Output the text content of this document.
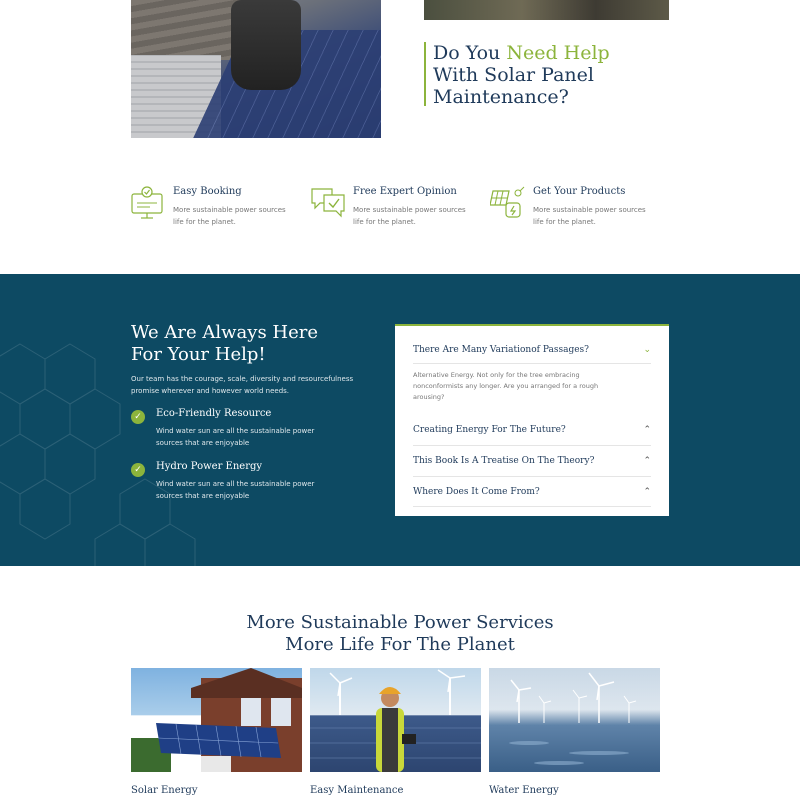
Do You Need Help
With Solar Panel
Maintenance?
Easy Booking
More sustainable power sources life for the planet.
Free Expert Opinion
More sustainable power sources life for the planet.
Get Your Products
More sustainable power sources life for the planet.
We Are Always Here
For Your Help!
Our team has the courage, scale, diversity and resourcefulness promise wherever and however world needs.
✓	Eco-Friendly Resource
Wind water sun are all the sustainable power sources that are enjoyable
✓	Hydro Power Energy
Wind water sun are all the sustainable power sources that are enjoyable
There Are Many Variationof Passages?	⌄
Alternative Energy. Not only for the tree embracing nonconformists any longer. Are you arranged for a rough arousing?
Creating Energy For The Future?	⌃
This Book Is A Treatise On The Theory?	⌃
Where Does It Come From?	⌃
More Sustainable Power Services
More Life For The Planet
Solar Energy	Easy Maintenance	Water Energy
